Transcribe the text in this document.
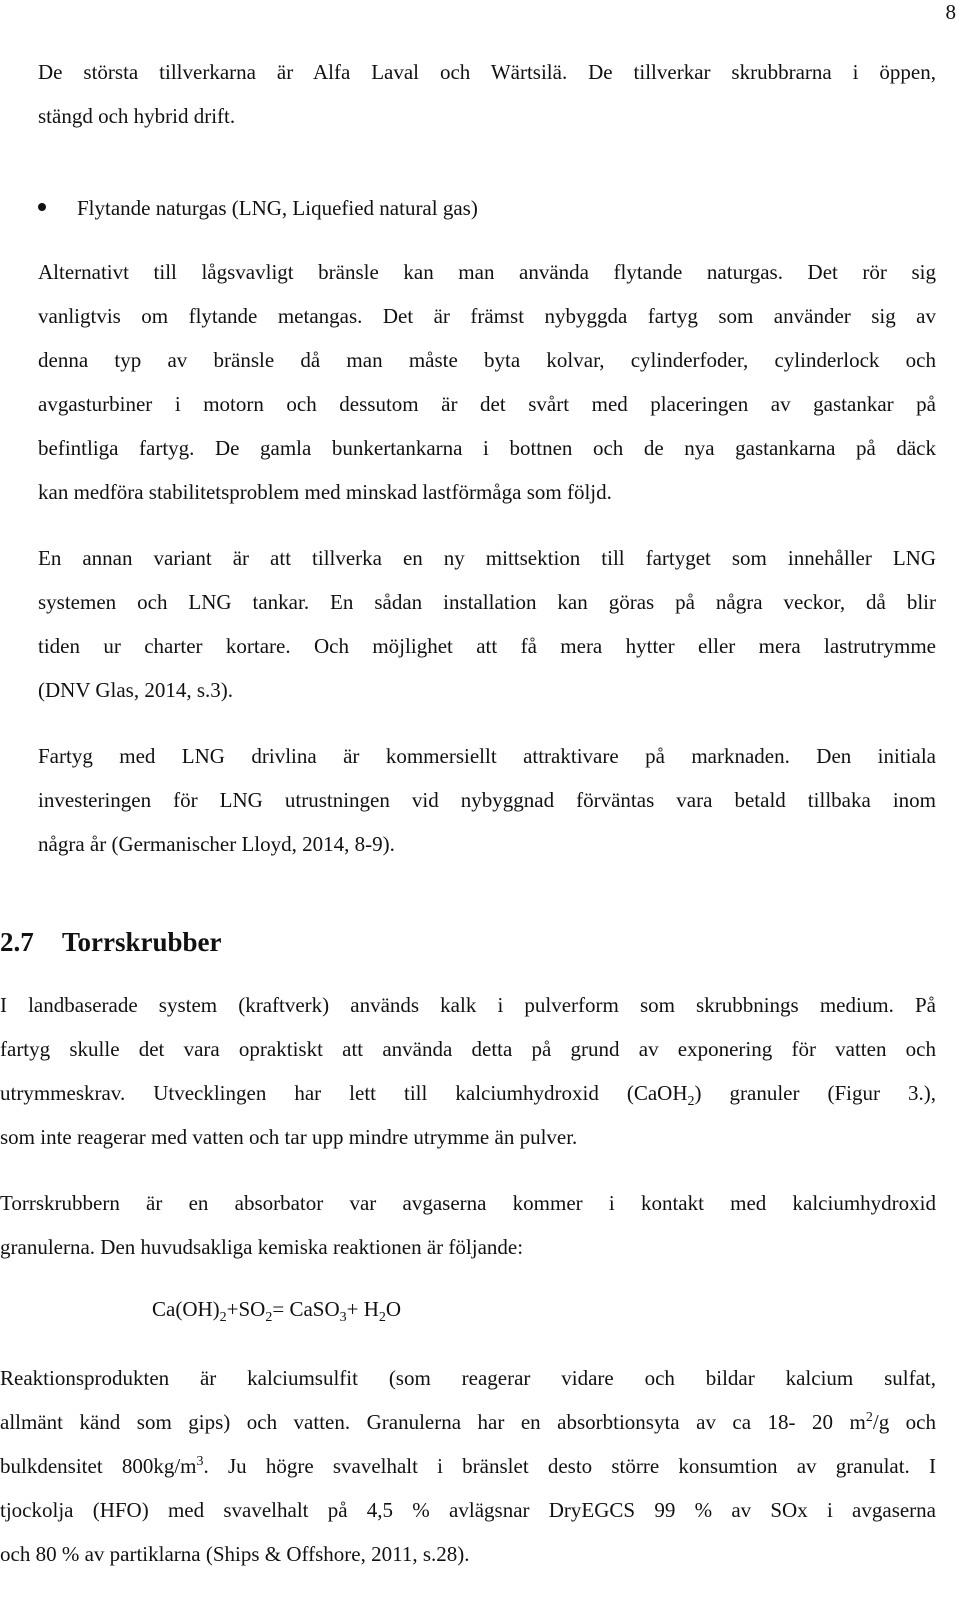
8
De största tillverkarna är Alfa Laval och Wärtsilä. De tillverkar skrubbrarna i öppen,
stängd och hybrid drift.
Flytande naturgas (LNG, Liquefied natural gas)
Alternativt till lågsvavligt bränsle kan man använda flytande naturgas. Det rör sig
vanligtvis om flytande metangas. Det är främst nybyggda fartyg som använder sig av
denna typ av bränsle då man måste byta kolvar, cylinderfoder, cylinderlock och
avgasturbiner i motorn och dessutom är det svårt med placeringen av gastankar på
befintliga fartyg. De gamla bunkertankarna i bottnen och de nya gastankarna på däck
kan medföra stabilitetsproblem med minskad lastförmåga som följd.
En annan variant är att tillverka en ny mittsektion till fartyget som innehåller LNG
systemen och LNG tankar. En sådan installation kan göras på några veckor, då blir
tiden ur charter kortare. Och möjlighet att få mera hytter eller mera lastrutrymme
(DNV Glas, 2014, s.3).
Fartyg med LNG drivlina är kommersiellt attraktivare på marknaden. Den initiala
investeringen för LNG utrustningen vid nybyggnad förväntas vara betald tillbaka inom
några år (Germanischer Lloyd, 2014, 8-9).
2.7 Torrskrubber
I landbaserade system (kraftverk) används kalk i pulverform som skrubbnings medium. På
fartyg skulle det vara opraktiskt att använda detta på grund av exponering för vatten och
utrymmeskrav. Utvecklingen har lett till kalciumhydroxid (CaOH$_2$) granuler (Figur 3.),
som inte reagerar med vatten och tar upp mindre utrymme än pulver.
Torrskrubbern är en absorbator var avgaserna kommer i kontakt med kalciumhydroxid
granulerna. Den huvudsakliga kemiska reaktionen är följande:
$Ca(OH)_2+SO_2=$ CaSO$_3$+ $H_2O$
Reaktionsprodukten är kalciumsulfit (som reagerar vidare och bildar kalcium sulfat,
allmänt känd som gips) och vatten. Granulerna har en absorbtionsyta av ca 18- 20 $m^2/g$ och
bulkdensitet $800kg/m^3$. Ju högre svavelhalt i bränslet desto större konsumtion av granulat. I
tjockolja (HFO) med svavelhalt på 4,5 % avlägsnar DryEGCS 99 % av SOx i avgaserna
och 80 % av partiklarna (Ships & Offshore, 2011, s.28).
